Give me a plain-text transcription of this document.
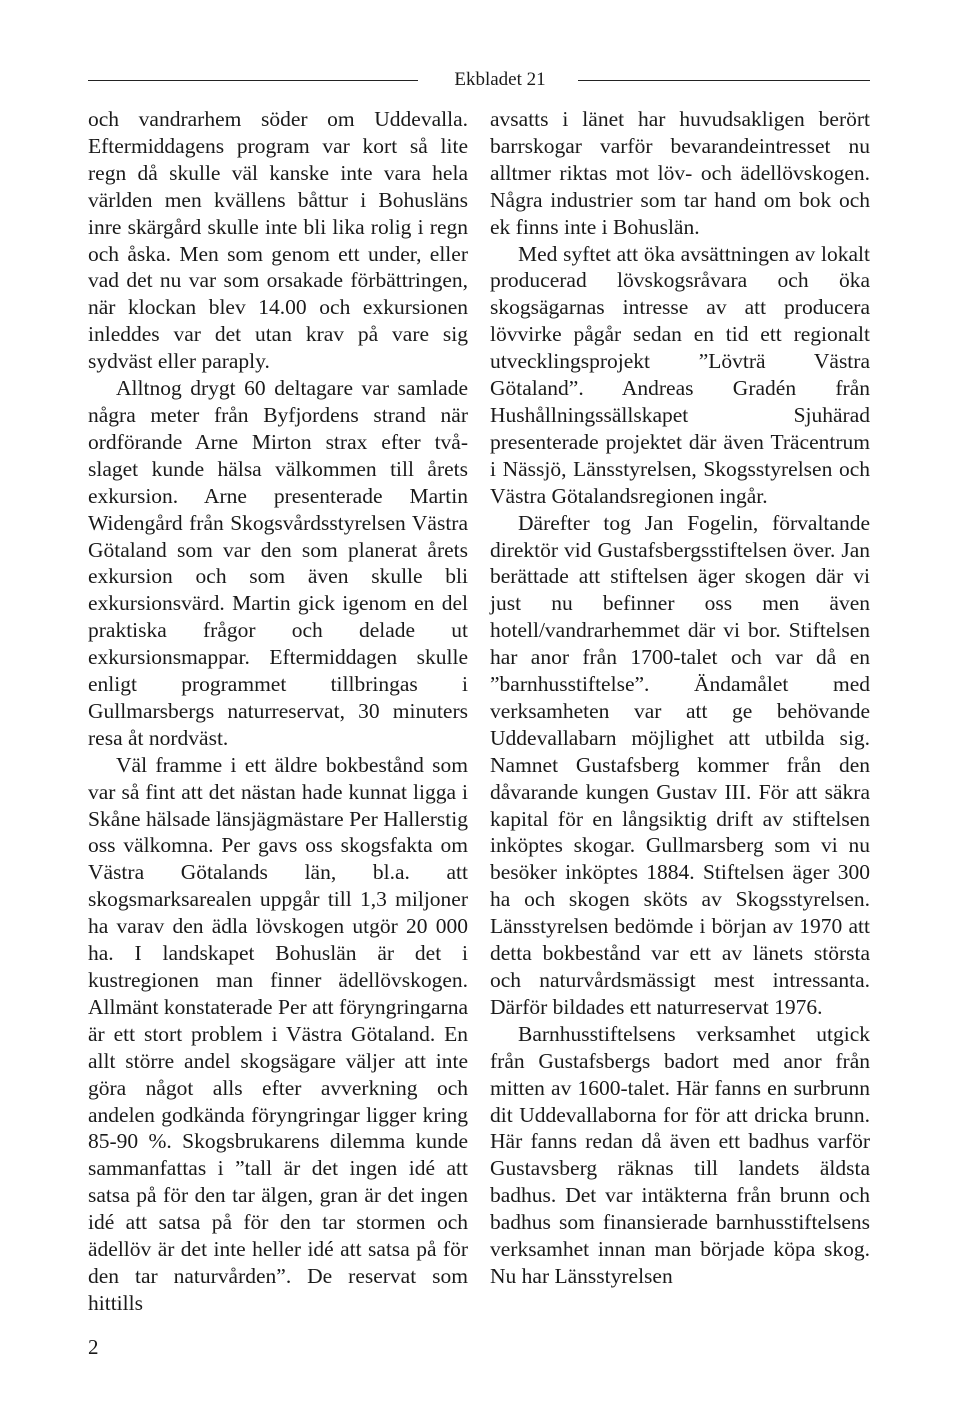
Ekbladet 21

och vandrarhem söder om Uddevalla. Eftermiddagens program var kort så lite regn då skulle väl kanske inte vara hela världen men kvällens båttur i Bohusläns inre skärgård skulle inte bli lika rolig i regn och åska. Men som genom ett under, eller vad det nu var som orsakade förbättringen, när klockan blev 14.00 och exkursionen inleddes var det utan krav på vare sig sydväst eller paraply.

Alltnog drygt 60 deltagare var samlade några meter från Byfjordens strand när ordförande Arne Mirton strax efter två-slaget kunde hälsa välkommen till årets exkursion. Arne presenterade Martin Widengård från Skogsvårdsstyrelsen Västra Götaland som var den som planerat årets exkursion och som även skulle bli exkursionsvärd. Martin gick igenom en del praktiska frågor och delade ut exkursionsmappar. Eftermiddagen skulle enligt programmet tillbringas i Gullmarsbergs naturreservat, 30 minuters resa åt nordväst.

Väl framme i ett äldre bokbestånd som var så fint att det nästan hade kunnat ligga i Skåne hälsade länsjägmästare Per Hallerstig oss välkomna. Per gavs oss skogsfakta om Västra Götalands län, bl.a. att skogsmarksarealen uppgår till 1,3 miljoner ha varav den ädla lövskogen utgör 20 000 ha. I landskapet Bohuslän är det i kustregionen man finner ädellövskogen. Allmänt konstaterade Per att föryngringarna är ett stort problem i Västra Götaland. En allt större andel skogsägare väljer att inte göra något alls efter avverkning och andelen godkända föryngringar ligger kring 85-90 %. Skogsbrukarens dilemma kunde sammanfattas i ”tall är det ingen idé att satsa på för den tar älgen, gran är det ingen idé att satsa på för den tar stormen och ädellöv är det inte heller idé att satsa på för den tar naturvården”. De reservat som hittills

avsatts i länet har huvudsakligen berört barrskogar varför bevarandeintresset nu alltmer riktas mot löv- och ädellövskogen. Några industrier som tar hand om bok och ek finns inte i Bohuslän.

Med syftet att öka avsättningen av lokalt producerad lövskogsråvara och öka skogsägarnas intresse av att producera lövvirke pågår sedan en tid ett regionalt utvecklingsprojekt ”Lövträ Västra Götaland”. Andreas Gradén från Hushållningssällskapet Sjuhärad presenterade projektet där även Träcentrum i Nässjö, Länsstyrelsen, Skogsstyrelsen och Västra Götalandsregionen ingår.

Därefter tog Jan Fogelin, förvaltande direktör vid Gustafsbergsstiftelsen över. Jan berättade att stiftelsen äger skogen där vi just nu befinner oss men även hotell/vandrarhemmet där vi bor. Stiftelsen har anor från 1700-talet och var då en ”barnhusstiftelse”. Ändamålet med verksamheten var att ge behövande Uddevallabarn möjlighet att utbilda sig. Namnet Gustafsberg kommer från den dåvarande kungen Gustav III. För att säkra kapital för en långsiktig drift av stiftelsen inköptes skogar. Gullmarsberg som vi nu besöker inköptes 1884. Stiftelsen äger 300 ha och skogen sköts av Skogsstyrelsen. Länsstyrelsen bedömde i början av 1970 att detta bokbestånd var ett av länets största och naturvårdsmässigt mest intressanta. Därför bildades ett naturreservat 1976.

Barnhusstiftelsens verksamhet utgick från Gustafsbergs badort med anor från mitten av 1600-talet. Här fanns en surbrunn dit Uddevallaborna for för att dricka brunn. Här fanns redan då även ett badhus varför Gustavsberg räknas till landets äldsta badhus. Det var intäkterna från brunn och badhus som finansierade barnhusstiftelsens verksamhet innan man började köpa skog. Nu har Länsstyrelsen

2
